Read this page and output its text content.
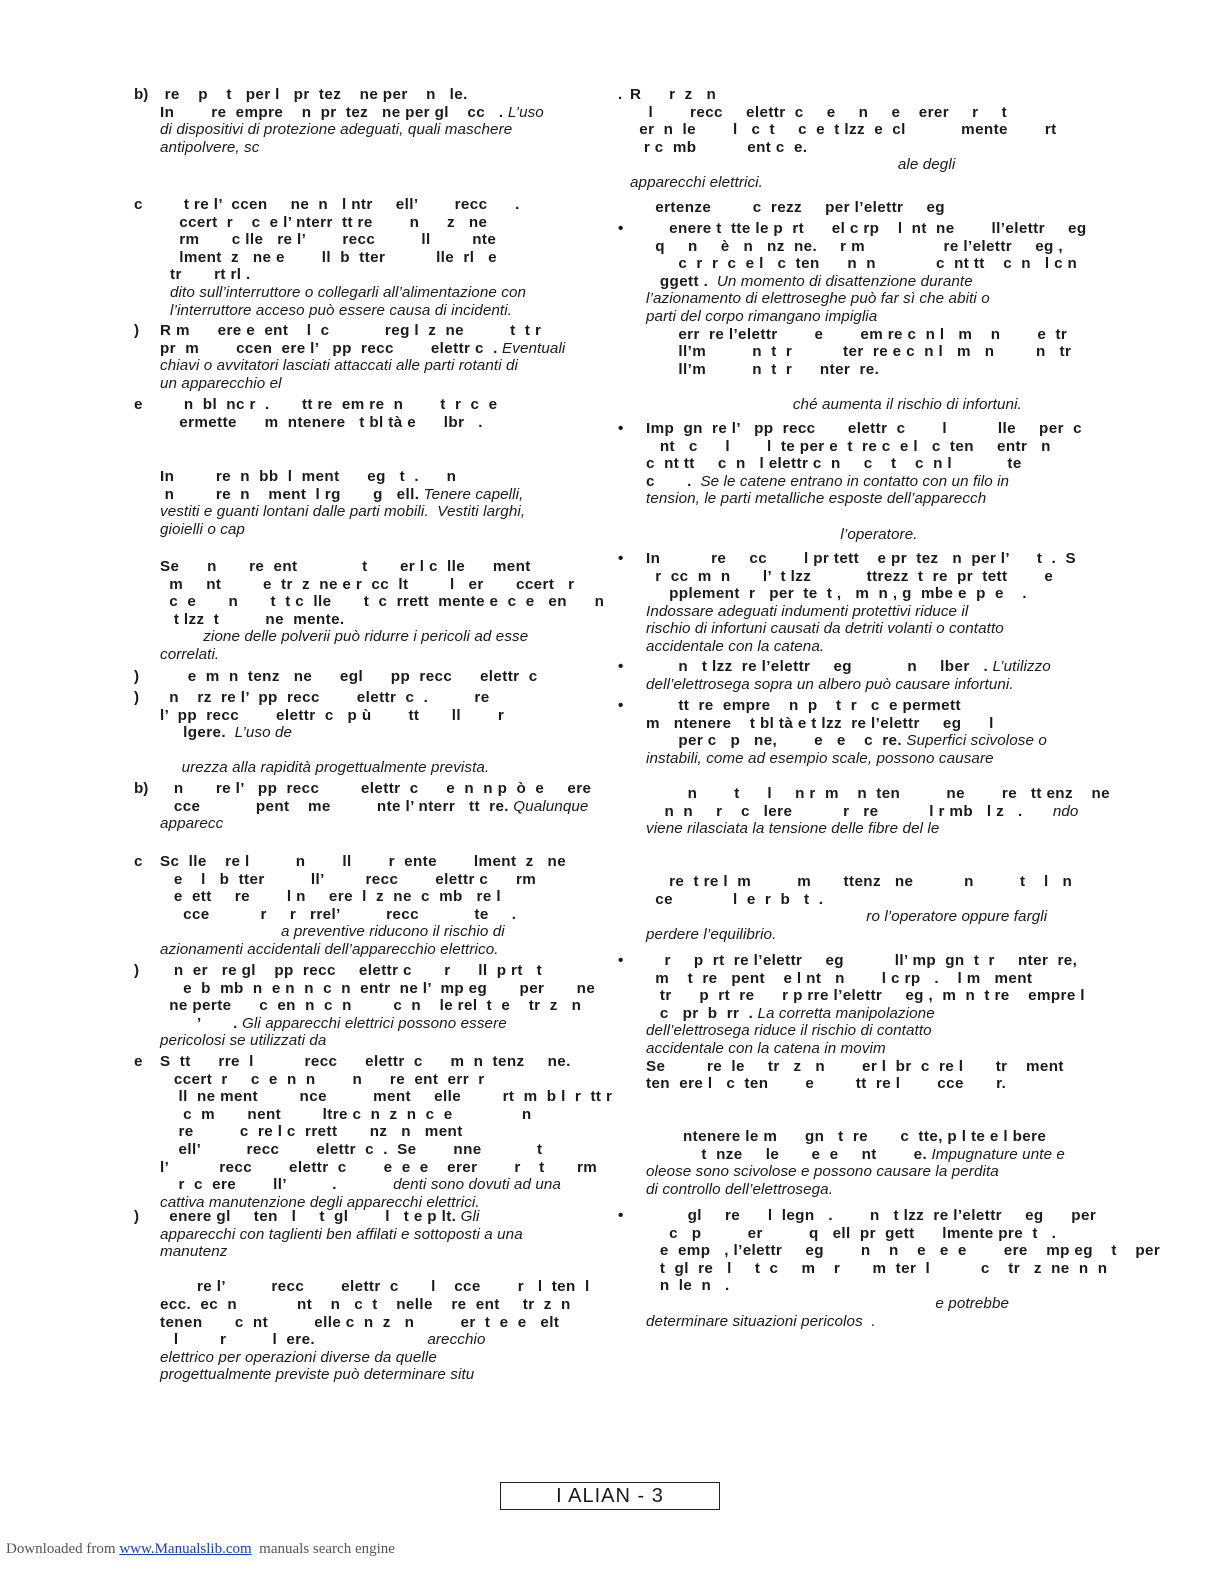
b) re    p    t   per l   pr  tez    ne per    n   le.
In        re  empre    n  pr  tez   ne per gl    cc   . L’uso
di dispositivi di protezione adeguati, quali maschere
antipolvere, sc
c t re l’  ccen     ne  n   l ntr     ell’        recc      .
ccert  r    c  e l’ nterr  tt re        n      z   ne
rm       c lle   re l’        recc          ll         nte
lment  z   ne e        ll  b  tter           lle  rl   e
tr       rt rl .
dito sull’interruttore o collegarli all’alimentazione con
l’interruttore acceso può essere causa di incidenti.
) R m      ere e  ent    l  c            reg l  z  ne          t  t r
pr  m        ccen  ere l’   pp  recc        elettr c  . Eventuali
chiavi o avvitatori lasciati attaccati alle parti rotanti di
un apparecchio el
e n  bl  nc r  .       tt re  em re  n        t  r  c  e
ermette      m  ntenere   t bl tà e      lbr   .
In         re  n  bb  l  ment      eg   t  .      n
n         re  n    ment  l rg       g   ell. Tenere capelli,
vestiti e guanti lontani dalle parti mobili.  Vestiti larghi,
gioielli o cap
Se      n       re  ent              t       er l c  lle      ment
m     nt         e  tr  z  ne e r  cc  lt         l   er       ccert   r
c  e       n       t  t c  lle       t  c  rrett  mente e  c  e   en      n
t lzz  t          ne  mente.
zione delle polverii può ridurre i pericoli ad esse
correlati.
) e  m  n  tenz   ne      egl      pp  recc      elettr  c
) n    rz  re l’  pp  recc        elettr  c  .          re
l’  pp  recc        elettr  c   p ù        tt       ll        r
lgere.  L’uso de

urezza alla rapidità progettualmente prevista.
b) n       re l’   pp  recc         elettr  c      e  n  n p  ò  e     ere
cce            pent    me          nte l’ nterr   tt  re. Qualunque
apparecc
c Sc  lle    re l          n        ll        r  ente        lment  z   ne
e    l   b  tter          ll’         recc        elettr c      rm
e  ett     re        l n     ere  l  z  ne  c  mb   re l
cce           r     r   rrel’          recc            te     .
a preventive riducono il rischio di
azionamenti accidentali dell’apparecchio elettrico.
) n  er   re gl    pp  recc     elettr c       r      ll  p rt   t
e  b  mb  n  e n  n  c  n  entr  ne l’  mp eg       per       ne
ne perte      c  en  n  c  n         c  n    le rel  t  e    tr  z   n
’       . Gli apparecchi elettrici possono essere
pericolosi se utilizzati da
e S  tt      rre  l           recc      elettr  c      m  n  tenz     ne.
ccert  r     c  e  n  n        n      re  ent  err  r
ll  ne ment         nce          ment     elle         rt  m  b l  r  tt r
c  m       nent         ltre c  n  z  n  c  e               n
re          c  re l c  rrett       nz   n   ment
ell’          recc        elettr  c  .  Se        nne            t
l’           recc        elettr  c        e  e  e    erer        r    t       rm
r  c  ere        ll’          .             denti sono dovuti ad una
cattiva manutenzione degli apparecchi elettrici.
) enere gl     ten   l     t  gl        l   t e p lt. Gli
apparecchi con taglienti ben affilati e sottoposti a una
manutenz

re l’          recc        elettr  c       l    cce        r   l  ten  l
ecc.  ec  n             nt    n   c  t    nelle    re  ent     tr  z  n
tenen       c  nt          elle c  n  z   n          er  t  e  e   elt
l         r          l  ere.                          arecchio
elettrico per operazioni diverse da quelle
progettualmente previste può determinare situ
. R      r  z   n
l        recc     elettr  c     e     n     e    erer     r     t
er  n  le        l   c  t     c  e  t lzz  e  cl            mente        rt
r c  mb           ent c  e.
ale degli
apparecchi elettrici.
ertenze         c  rezz     per l’elettr     eg
• enere t  tte le p  rt      el c rp    l  nt  ne        ll’elettr     eg
q     n     è   n   nz  ne.     r m                 re l’elettr     eg ,
c  r  r  c  e l   c  ten      n  n             c  nt tt    c  n   l c n
ggett .  Un momento di disattenzione durante
l’azionamento di elettroseghe può far sì che abiti o
parti del corpo rimangano impiglia
err  re l’elettr        e        em re c  n l   m    n        e  tr
ll’m          n  t  r           ter  re e c  n l   m   n         n   tr
ll’m          n  t  r      nter  re.

ché aumenta il rischio di infortuni.
• Imp  gn  re l’   pp  recc       elettr  c        l           lle     per  c
nt   c      l        l  te per e  t  re c  e l   c  ten     entr   n
c  nt tt     c  n   l elettr c  n     c    t    c  n l            te
c       .  Se le catene entrano in contatto con un filo in
tension, le parti metalliche esposte dell’apparecch

l’operatore.
• In           re     cc        l pr tett    e pr  tez   n  per l’      t  .  S
r  cc  m  n       l’  t lzz            ttrezz  t  re  pr  tett        e
pplement  r   per  te  t ,   m  n , g  mbe e  p  e    .
Indossare adeguati indumenti protettivi riduce il
rischio di infortuni causati da detriti volanti o contatto
accidentale con la catena.
• n   t lzz  re l’elettr     eg            n     lber   . L’utilizzo
dell’elettrosega sopra un albero può causare infortuni.
• tt  re  empre    n  p    t  r   c  e permett
m   ntenere    t bl tà e t lzz  re l’elettr     eg      l
per c   p   ne,        e   e    c  re. Superfici scivolose o
instabili, come ad esempio scale, possono causare

n        t      l     n r  m    n  ten          ne        re   tt enz    ne
n  n     r    c   lere           r   re           l r mb   l z   .       ndo
viene rilasciata la tensione delle fibre del le

re  t re l  m          m       ttenz   ne           n          t    l   n
ce             l  e  r  b   t  .
ro l’operatore oppure fargli
perdere l’equilibrio.
• r     p  rt  re l’elettr     eg           ll’ mp  gn  t  r     nter  re,
m    t  re   pent    e l nt   n        l c rp   .    l m   ment
tr      p  rt  re      r p rre l’elettr     eg ,  m  n  t re    empre l
c   pr  b  rr  . La corretta manipolazione
dell’elettrosega riduce il rischio di contatto
accidentale con la catena in movim
Se         re  le     tr   z   n        er l  br  c  re l       tr    ment
ten  ere l   c  ten        e         tt  re l        cce       r.

ntenere le m      gn   t  re       c  tte, p l te e l bere
t  nze     le       e  e     nt        e. Impugnature unte e
oleose sono scivolose e possono causare la perdita
di controllo dell’elettrosega.
• gl     re      l  legn   .        n   t lzz  re l’elettr     eg      per
c   p          er          q   ell  pr  gett      lmente pre  t   .
e  emp   , l’elettr     eg        n    n    e   e  e        ere    mp eg    t    per
t  gl  re   l     t  c     m    r       m  ter  l           c    tr   z  ne  n  n
n  le  n   .
e potrebbe
determinare situazioni pericolos  .
I ALIAN - 3
Downloaded from www.Manualslib.com  manuals search engine
